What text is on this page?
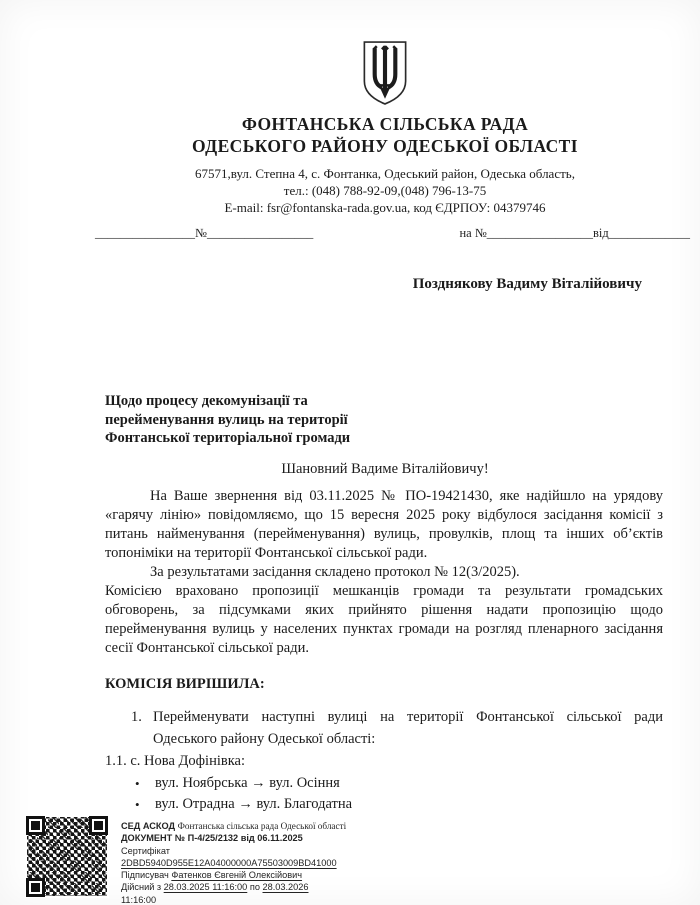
ФОНТАНСЬКА СІЛЬСЬКА РАДА
ОДЕСЬКОГО РАЙОНУ ОДЕСЬКОЇ ОБЛАСТІ
67571,вул. Степна 4, с. Фонтанка, Одеський район, Одеська область,
тел.: (048) 788-92-09,(048) 796-13-75
E-mail: fsr@fontanska-rada.gov.ua, код ЄДРПОУ: 04379746
________________ № _________________	на № _________________ від _____________
Позднякову Вадиму Віталійовичу
Щодо процесу декомунізації та
перейменування вулиць на території
Фонтанської територіальної громади
Шановний Вадиме Віталійовичу!

На Ваше звернення від 03.11.2025 № ПО-19421430, яке надійшло на урядову «гарячу лінію» повідомляємо, що 15 вересня 2025 року відбулося засідання комісії з питань найменування (перейменування) вулиць, провулків, площ та інших об’єктів топоніміки на території Фонтанської сільської ради.

За результатами засідання складено протокол № 12(3/2025).

Комісією враховано пропозиції мешканців громади та результати громадських обговорень, за підсумками яких прийнято рішення надати пропозицію щодо перейменування вулиць у населених пунктах громади на розгляд пленарного засідання сесії Фонтанської сільської ради.

КОМІСІЯ ВИРІШИЛА:
1. Перейменувати наступні вулиці на території Фонтанської сільської ради Одеського району Одеської області:
1.1. с. Нова Дофінівка:
•	вул. Ноябрська → вул. Осіння
•	вул. Отрадна → вул. Благодатна
СЕД АСКОД Фонтанська сільська рада Одеської області
ДОКУМЕНТ № П-4/25/2132 від 06.11.2025
Сертифікат
2DBD5940D955E12A04000000A75503009BD41000
Підписувач Фатенков Євгеній Олексійович
Дійсний з 28.03.2025 11:16:00 по 28.03.2026
11:16:00
